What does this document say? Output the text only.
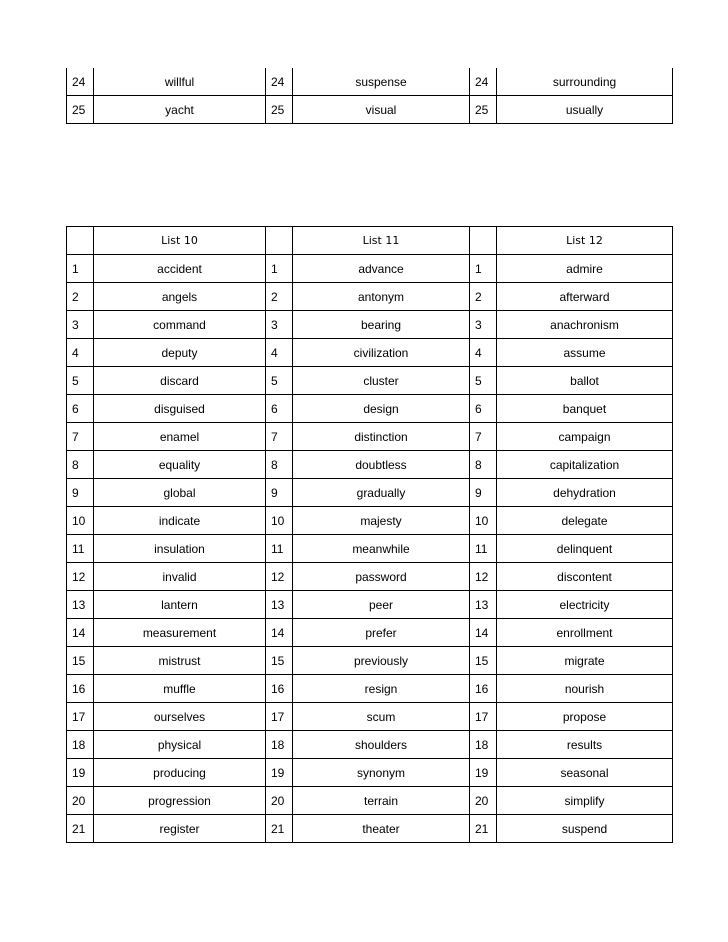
24	willful	24	suspense	24	surrounding
25	yacht	25	visual	25	usually
	List 10		List 11		List 12
1	accident	1	advance	1	admire
2	angels	2	antonym	2	afterward
3	command	3	bearing	3	anachronism
4	deputy	4	civilization	4	assume
5	discard	5	cluster	5	ballot
6	disguised	6	design	6	banquet
7	enamel	7	distinction	7	campaign
8	equality	8	doubtless	8	capitalization
9	global	9	gradually	9	dehydration
10	indicate	10	majesty	10	delegate
11	insulation	11	meanwhile	11	delinquent
12	invalid	12	password	12	discontent
13	lantern	13	peer	13	electricity
14	measurement	14	prefer	14	enrollment
15	mistrust	15	previously	15	migrate
16	muffle	16	resign	16	nourish
17	ourselves	17	scum	17	propose
18	physical	18	shoulders	18	results
19	producing	19	synonym	19	seasonal
20	progression	20	terrain	20	simplify
21	register	21	theater	21	suspend
